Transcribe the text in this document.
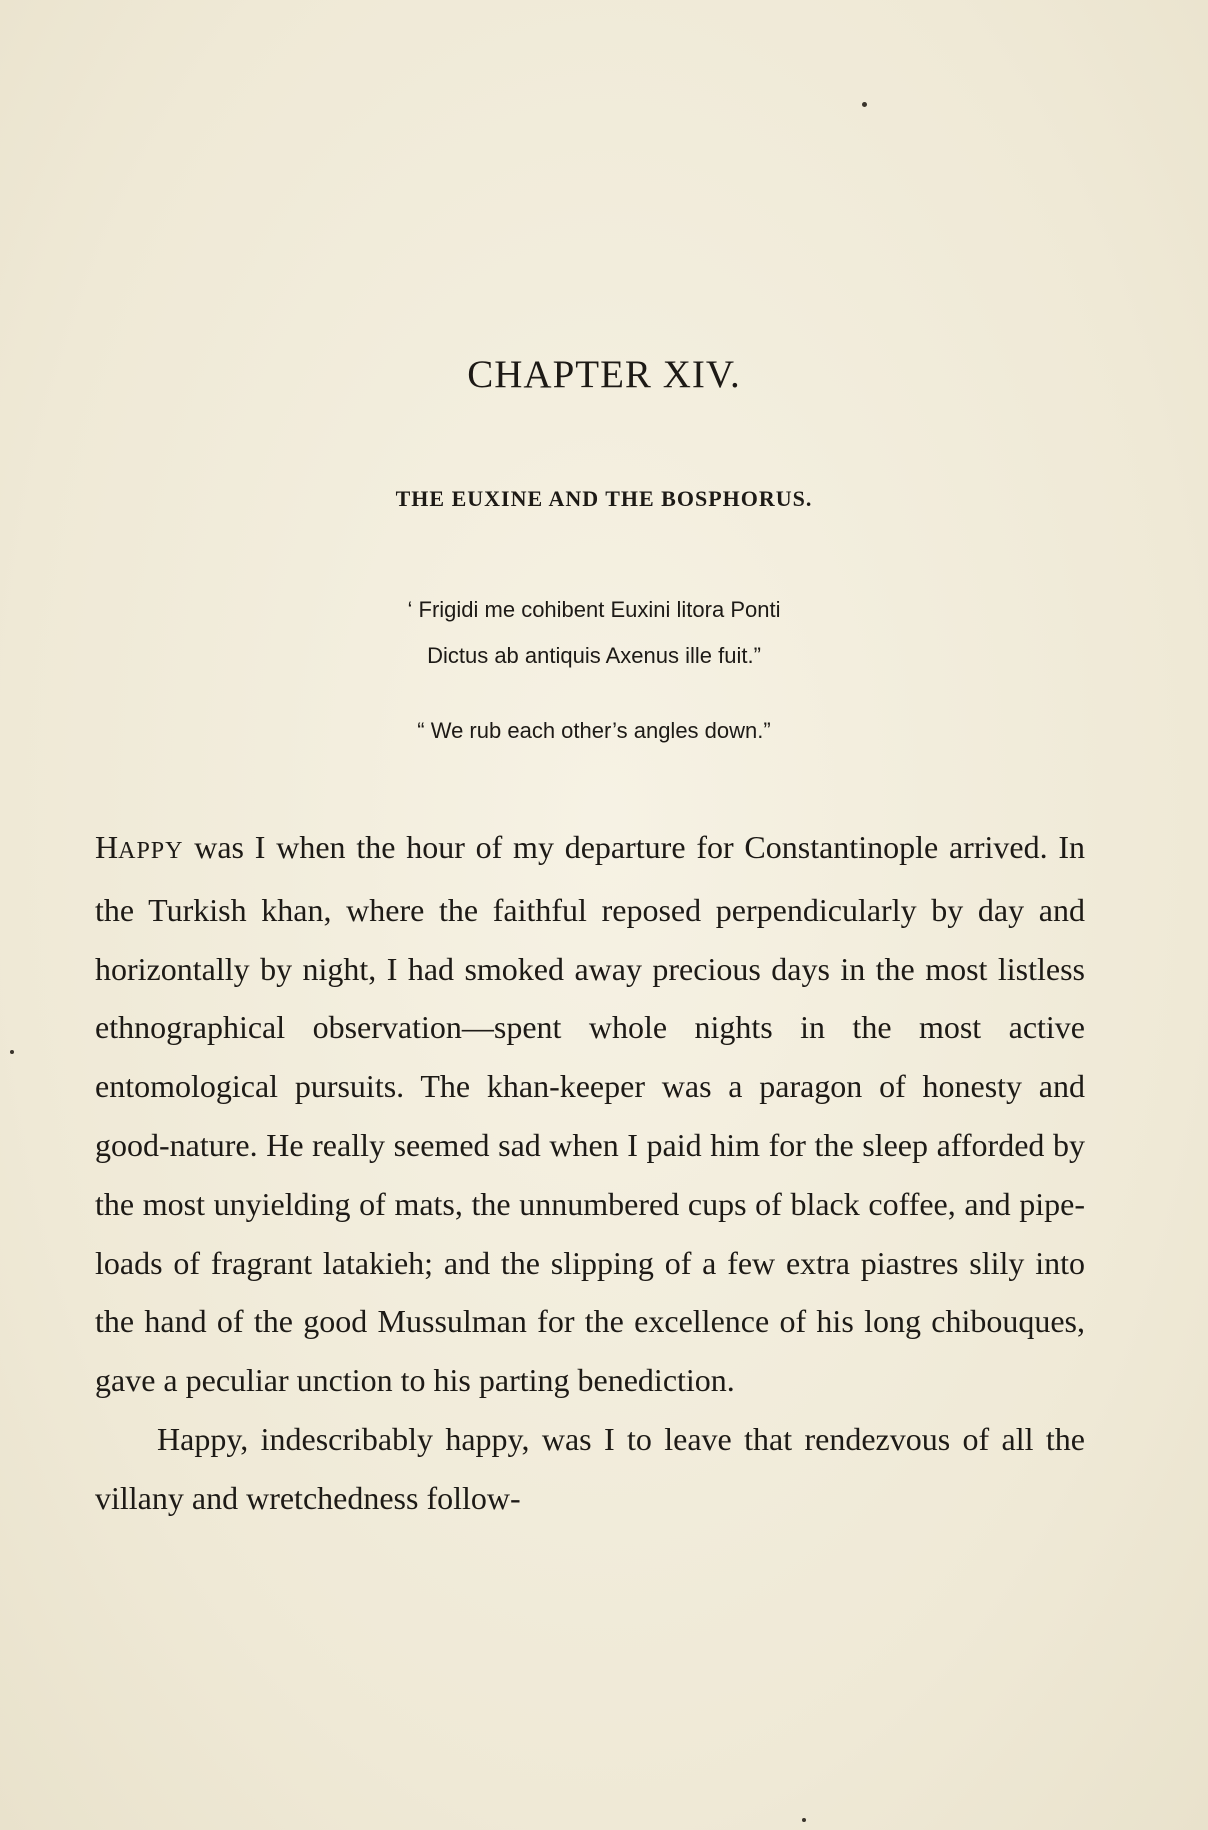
CHAPTER XIV.
THE EUXINE AND THE BOSPHORUS.
‘ Frigidi me cohibent Euxini litora Ponti
Dictus ab antiquis Axenus ille fuit.”
“ We rub each other’s angles down.”

HAPPY was I when the hour of my departure for Constantinople arrived. In the Turkish khan, where the faithful reposed perpendicularly by day and horizontally by night, I had smoked away precious days in the most listless ethnographical observation—spent whole nights in the most active entomological pursuits. The khan-keeper was a paragon of honesty and good-nature. He really seemed sad when I paid him for the sleep afforded by the most unyielding of mats, the unnumbered cups of black coffee, and pipe-loads of fragrant latakieh; and the slipping of a few extra piastres slily into the hand of the good Mussulman for the excellence of his long chibouques, gave a peculiar unction to his parting benediction.

Happy, indescribably happy, was I to leave that rendezvous of all the villany and wretchedness follow-
